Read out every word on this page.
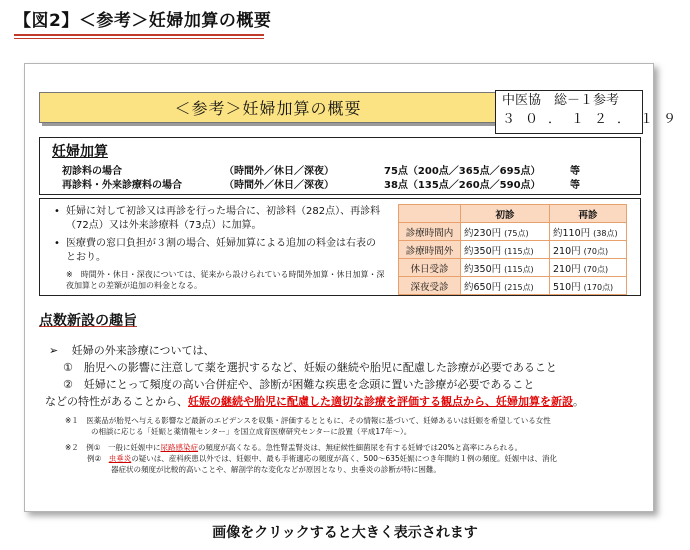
【図2】＜参考＞妊婦加算の概要
＜参考＞妊婦加算の概要	中医協　総－１参考
３０．１２．１９
妊婦加算
初診料の場合	（時間外／休日／深夜）	75点（200点／365点／695点）	等
再診料・外来診療料の場合	（時間外／休日／深夜）	38点（135点／260点／590点）	等
• 妊婦に対して初診又は再診を行った場合に、初診料（282点）、再診料（72点）又は外来診療料（73点）に加算。
• 医療費の窓口負担が３割の場合、妊婦加算による追加の料金は右表のとおり。
※　時間外・休日・深夜については、従来から設けられている時間外加算・休日加算・深夜加算との差額が追加の料金となる。
	初診	再診
診療時間内	約230円 (75点)	約110円 (38点)
診療時間外	約350円 (115点)	210円 (70点)
休日受診	約350円 (115点)	210円 (70点)
深夜受診	約650円 (215点)	510円 (170点)
点数新設の趣旨
➢ 妊婦の外来診療については、
①　胎児への影響に注意して薬を選択するなど、妊娠の継続や胎児に配慮した診療が必要であること
②　妊婦にとって頻度の高い合併症や、診断が困難な疾患を念頭に置いた診療が必要であること
などの特性があることから、妊娠の継続や胎児に配慮した適切な診療を評価する観点から、妊婦加算を新設。
※１　医薬品が胎児へ与える影響など最新のエビデンスを収集・評価するとともに、その情報に基づいて、妊婦あるいは妊娠を希望している女性
の相談に応じる「妊娠と薬情報センター」を国立成育医療研究センターに設置（平成17年～）。
※２　例①　一般に妊娠中に尿路感染症の頻度が高くなる。急性腎盂腎炎は、無症候性細菌尿を有する妊婦では20%と高率にみられる。
例②　虫垂炎の疑いは、産科疾患以外では、妊娠中、最も手術適応の頻度が高く、500～635妊娠につき年間約１例の頻度。妊娠中は、消化
器症状の頻度が比較的高いことや、解剖学的な変化などが原因となり、虫垂炎の診断が特に困難。
画像をクリックすると大きく表示されます
